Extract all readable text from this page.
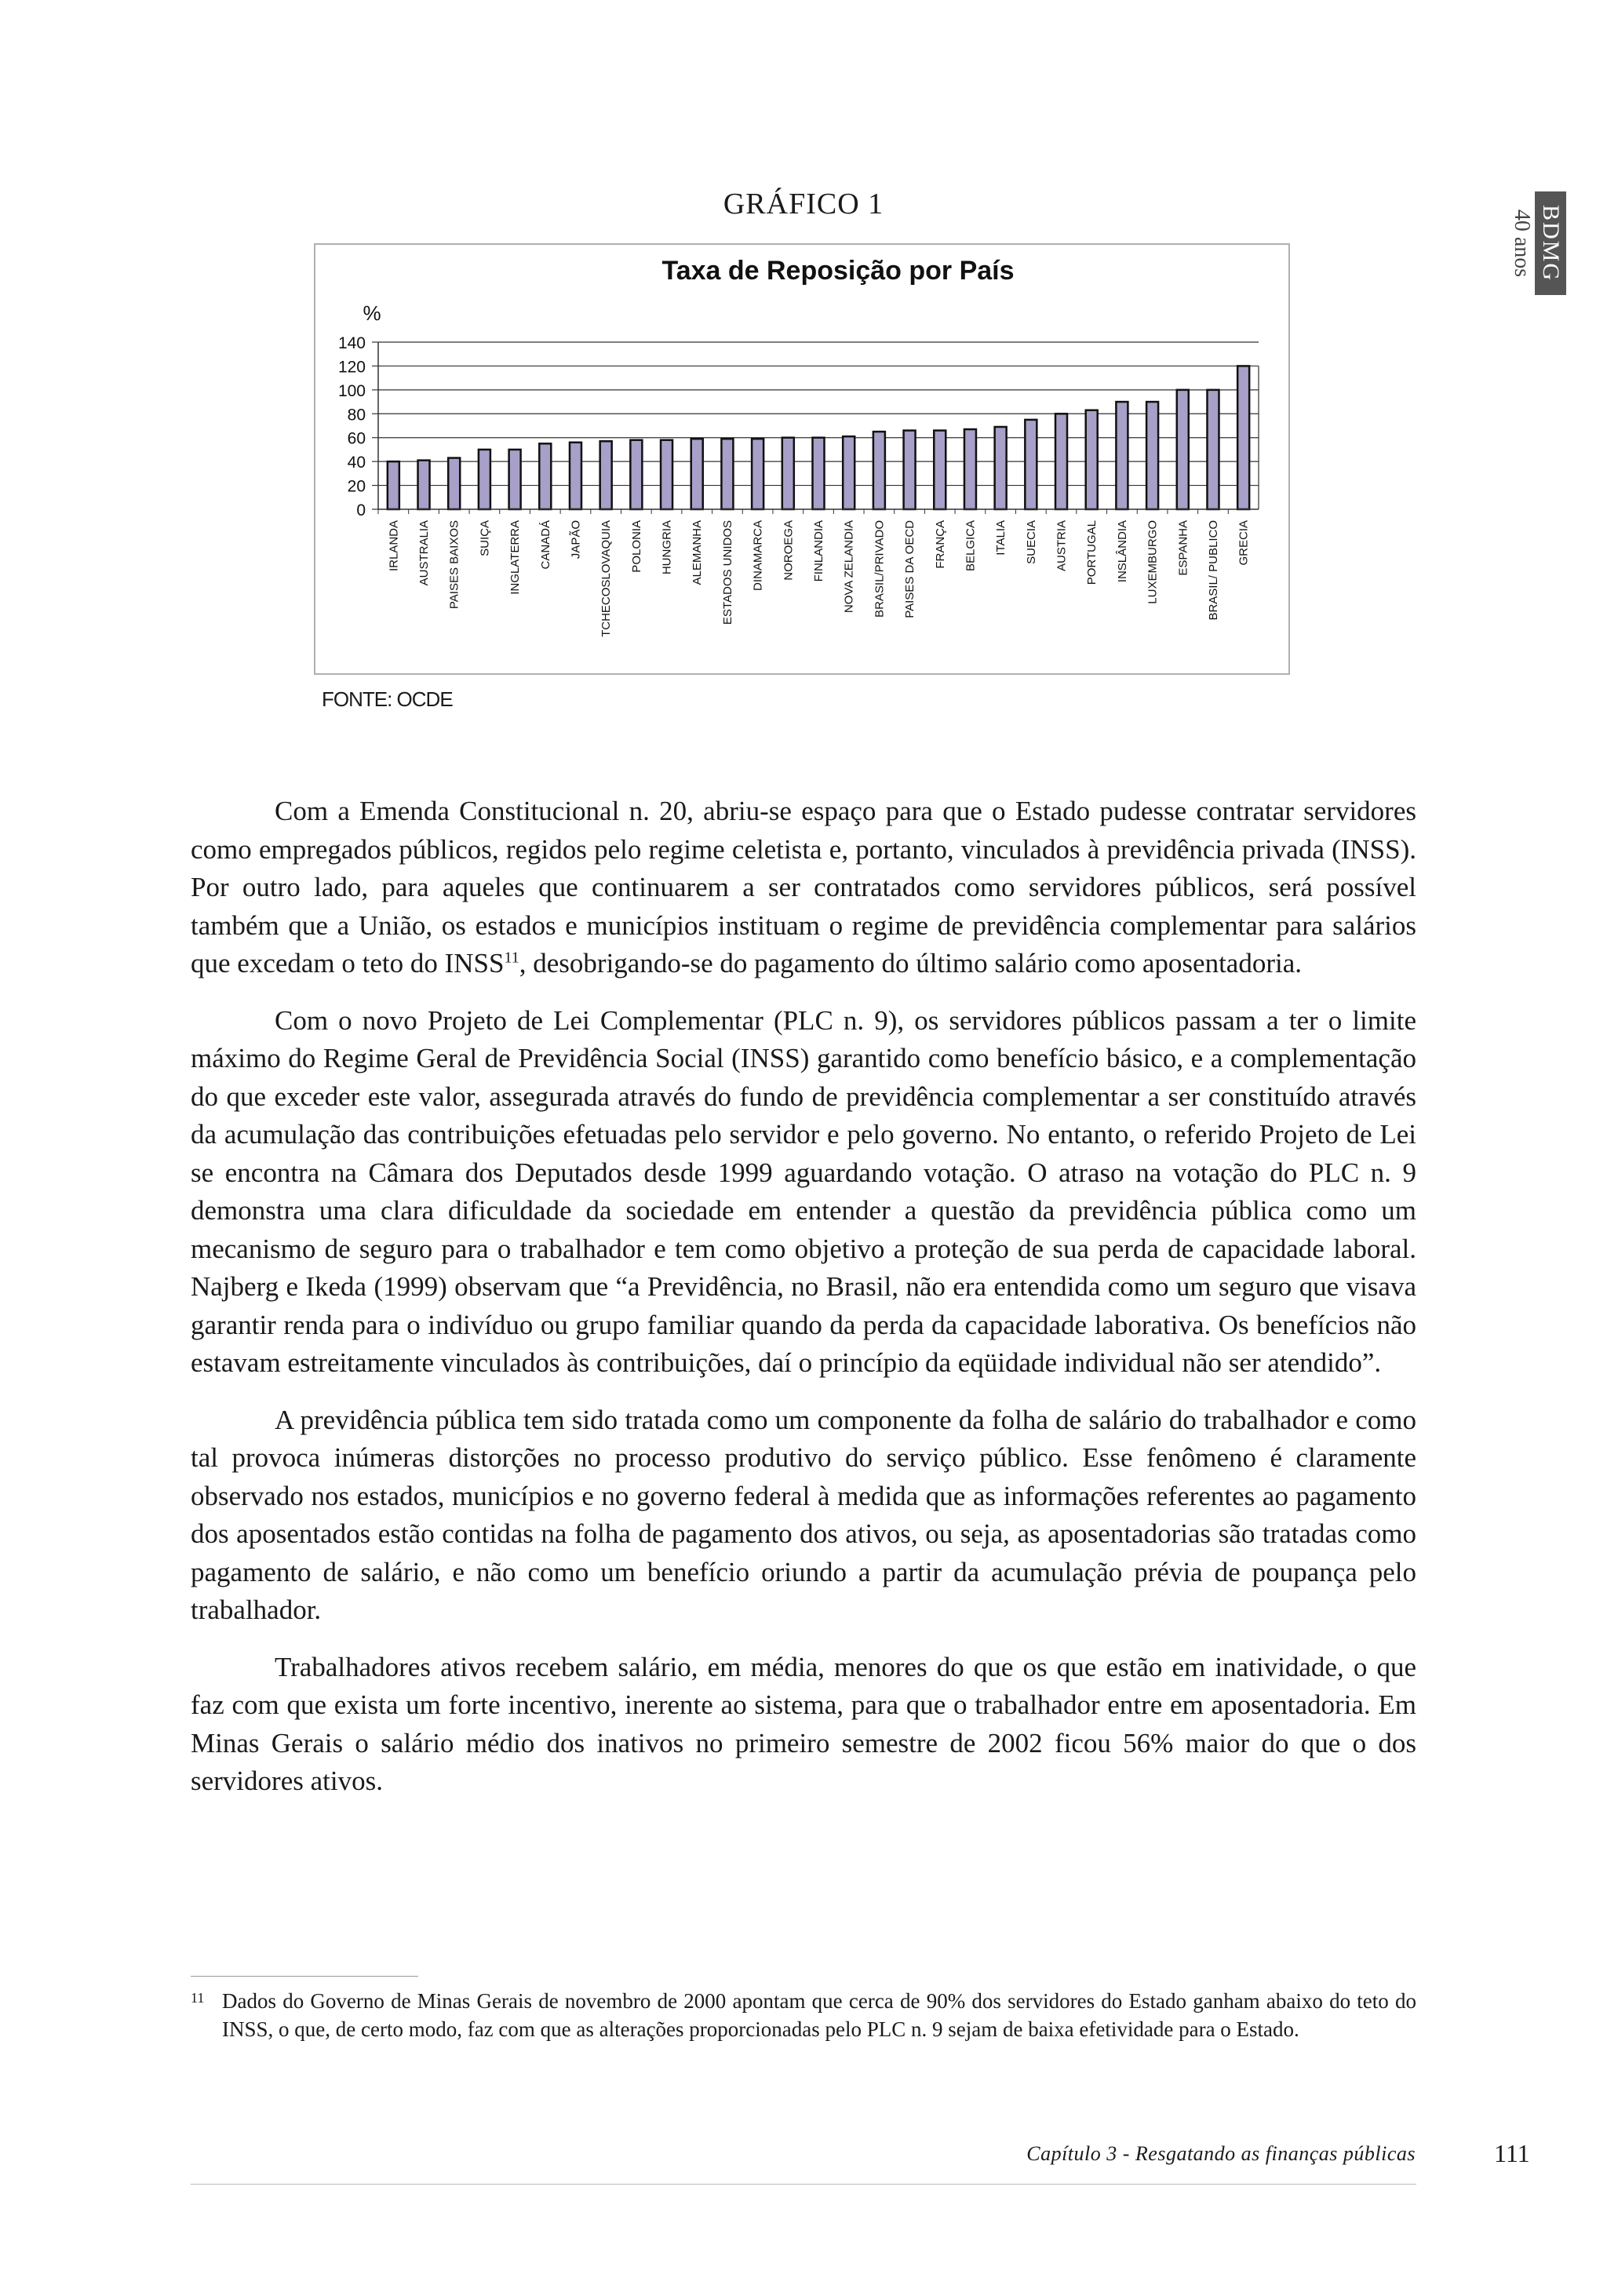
GRÁFICO 1
BDMG
40 anos
Taxa de Reposição por País
%
0
20
40
60
80
100
120
140
IRLANDA AUSTRALIA PAISES BAIXOS SUIÇA INGLATERRA CANADÁ JAPÃO TCHECOSLOVAQUIA POLONIA HUNGRIA ALEMANHA ESTADOS UNIDOS DINAMARCA NOROEGA FINLANDIA NOVA ZELANDIA BRASIL/PRIVADO PAISES DA OECD FRANÇA BELGICA ITALIA SUECIA AUSTRIA PORTUGAL INSLÂNDIA LUXEMBURGO ESPANHA BRASIL/ PUBLICO GRECIA
FONTE: OCDE

Com a Emenda Constitucional n. 20, abriu-se espaço para que o Estado pudesse contratar servidores como empregados públicos, regidos pelo regime celetista e, portanto, vinculados à previdência privada (INSS). Por outro lado, para aqueles que continuarem a ser contratados como servidores públicos, será possível também que a União, os estados e municípios instituam o regime de previdência complementar para salários que excedam o teto do INSS$^{11}$, desobrigando-se do pagamento do último salário como aposentadoria.

Com o novo Projeto de Lei Complementar (PLC n. 9), os servidores públicos passam a ter o limite máximo do Regime Geral de Previdência Social (INSS) garantido como benefício básico, e a complementação do que exceder este valor, assegurada através do fundo de previdência complementar a ser constituído através da acumulação das contribuições efetuadas pelo servidor e pelo governo. No entanto, o referido Projeto de Lei se encontra na Câmara dos Deputados desde 1999 aguardando votação. O atraso na votação do PLC n. 9 demonstra uma clara dificuldade da sociedade em entender a questão da previdência pública como um mecanismo de seguro para o trabalhador e tem como objetivo a proteção de sua perda de capacidade laboral. Najberg e Ikeda (1999) observam que “a Previdência, no Brasil, não era entendida como um seguro que visava garantir renda para o indivíduo ou grupo familiar quando da perda da capacidade laborativa. Os benefícios não estavam estreitamente vinculados às contribuições, daí o princípio da eqüidade individual não ser atendido”.

A previdência pública tem sido tratada como um componente da folha de salário do trabalhador e como tal provoca inúmeras distorções no processo produtivo do serviço público. Esse fenômeno é claramente observado nos estados, municípios e no governo federal à medida que as informações referentes ao pagamento dos aposentados estão contidas na folha de pagamento dos ativos, ou seja, as aposentadorias são tratadas como pagamento de salário, e não como um benefício oriundo a partir da acumulação prévia de poupança pelo trabalhador.

Trabalhadores ativos recebem salário, em média, menores do que os que estão em inatividade, o que faz com que exista um forte incentivo, inerente ao sistema, para que o trabalhador entre em aposentadoria. Em Minas Gerais o salário médio dos inativos no primeiro semestre de 2002 ficou 56% maior do que o dos servidores ativos.

11 Dados do Governo de Minas Gerais de novembro de 2000 apontam que cerca de 90% dos servidores do Estado ganham abaixo do teto do INSS, o que, de certo modo, faz com que as alterações proporcionadas pelo PLC n. 9 sejam de baixa efetividade para o Estado.
Capítulo 3 - Resgatando as finanças públicas	111
